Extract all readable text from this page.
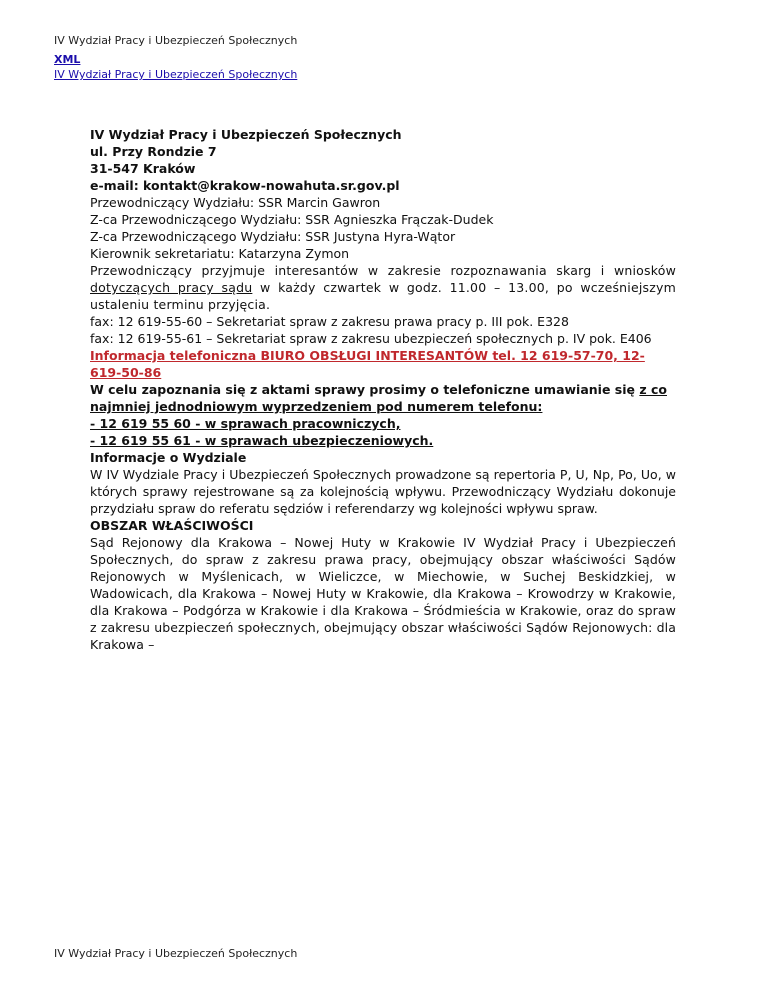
IV Wydział Pracy i Ubezpieczeń Społecznych
XML
IV Wydział Pracy i Ubezpieczeń Społecznych

IV Wydział Pracy i Ubezpieczeń Społecznych
ul. Przy Rondzie 7
31-547 Kraków

e-mail: kontakt@krakow-nowahuta.sr.gov.pl

Przewodniczący Wydziału: SSR Marcin Gawron
Z-ca Przewodniczącego Wydziału: SSR Agnieszka Frączak-Dudek
Z-ca Przewodniczącego Wydziału: SSR Justyna Hyra-Wątor
Kierownik sekretariatu: Katarzyna Zymon

Przewodniczący przyjmuje interesantów w zakresie rozpoznawania skarg i wniosków dotyczących pracy sądu w każdy czwartek w godz. 11.00 – 13.00, po wcześniejszym ustaleniu terminu przyjęcia.

fax: 12 619-55-60 – Sekretariat spraw z zakresu prawa pracy p. III pok. E328
fax: 12 619-55-61 – Sekretariat spraw z zakresu ubezpieczeń społecznych p. IV pok. E406

Informacja telefoniczna BIURO OBSŁUGI INTERESANTÓW tel. 12 619-57-70, 12-619-50-86

W celu zapoznania się z aktami sprawy prosimy o telefoniczne umawianie się z co najmniej jednodniowym wyprzedzeniem pod numerem telefonu:
- 12 619 55 60 - w sprawach pracowniczych,
- 12 619 55 61 - w sprawach ubezpieczeniowych.

Informacje o Wydziale

W IV Wydziale Pracy i Ubezpieczeń Społecznych prowadzone są repertoria P, U, Np, Po, Uo, w których sprawy rejestrowane są za kolejnością wpływu. Przewodniczący Wydziału dokonuje przydziału spraw do referatu sędziów i referendarzy wg kolejności wpływu spraw.

OBSZAR WŁAŚCIWOŚCI

Sąd Rejonowy dla Krakowa – Nowej Huty w Krakowie IV Wydział Pracy i Ubezpieczeń Społecznych, do spraw z zakresu prawa pracy, obejmujący obszar właściwości Sądów Rejonowych w Myślenicach, w Wieliczce, w Miechowie, w Suchej Beskidzkiej, w Wadowicach, dla Krakowa – Nowej Huty w Krakowie, dla Krakowa – Krowodrzy w Krakowie, dla Krakowa – Podgórza w Krakowie i dla Krakowa – Śródmieścia w Krakowie, oraz do spraw z zakresu ubezpieczeń społecznych, obejmujący obszar właściwości Sądów Rejonowych: dla Krakowa –

IV Wydział Pracy i Ubezpieczeń Społecznych
